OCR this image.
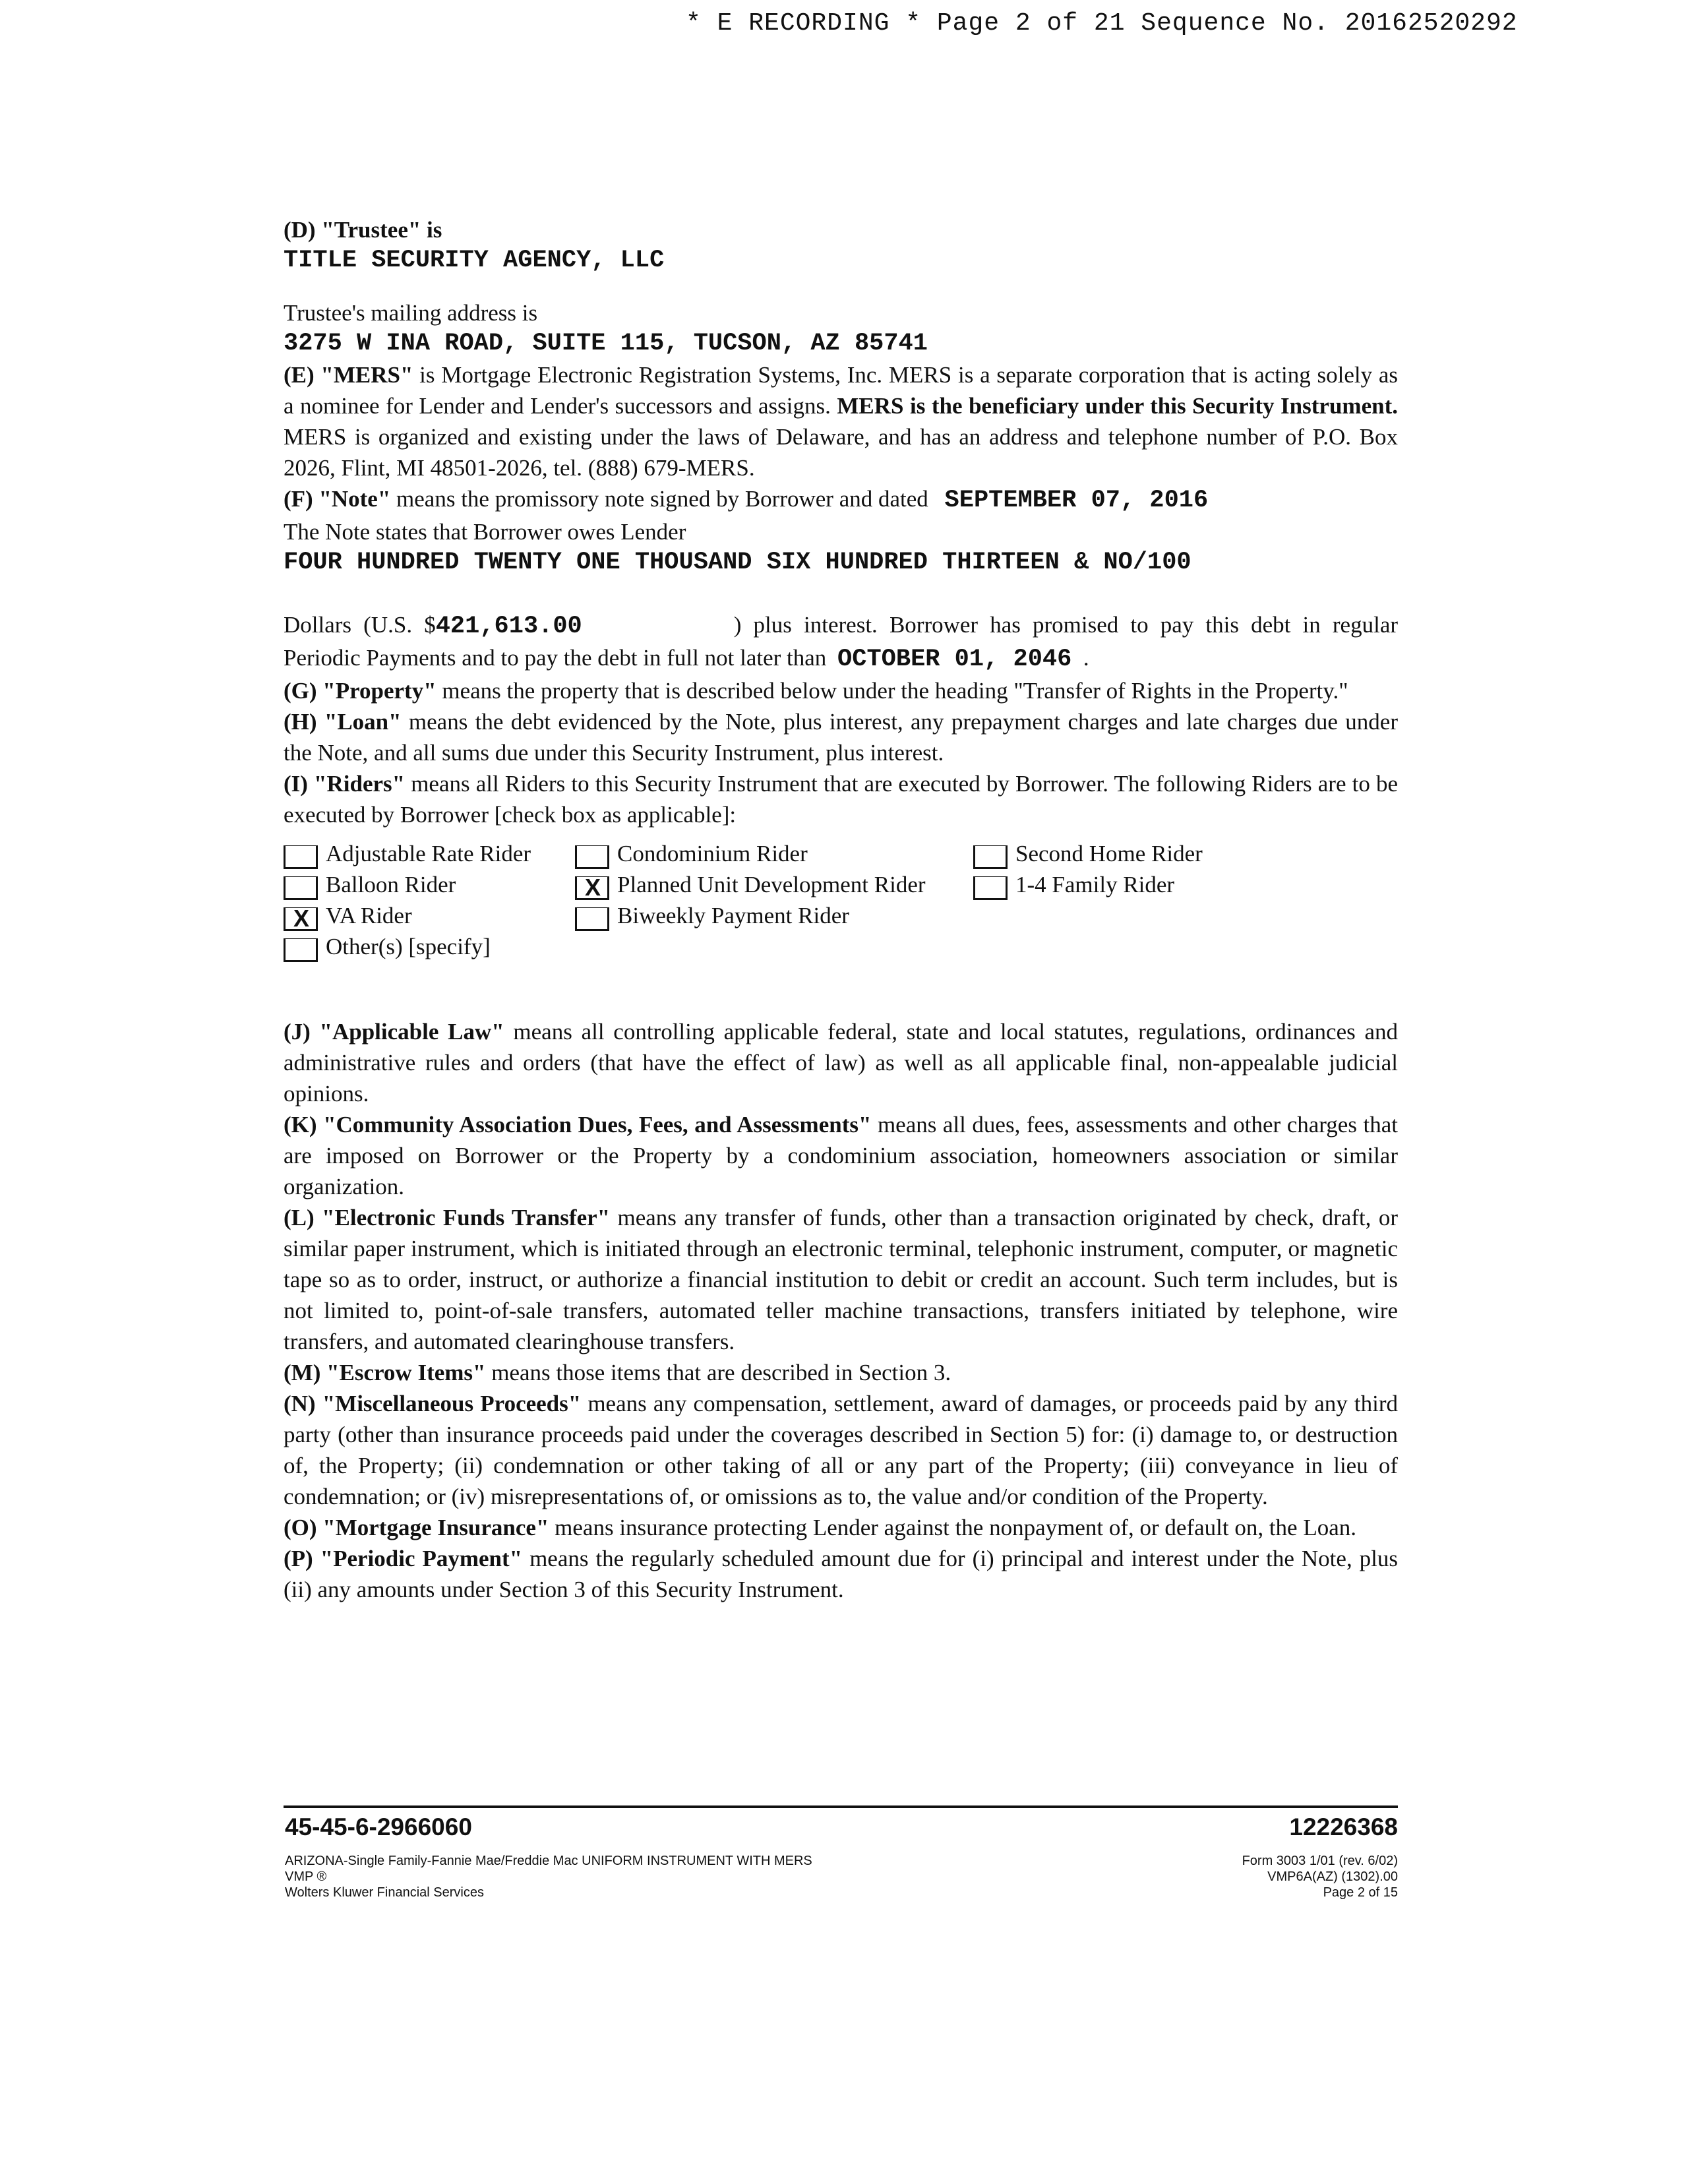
* E RECORDING * Page 2 of 21 Sequence No. 20162520292
(D) "Trustee" is
TITLE SECURITY AGENCY, LLC
Trustee's mailing address is
3275 W INA ROAD, SUITE 115, TUCSON, AZ 85741

(E) "MERS" is Mortgage Electronic Registration Systems, Inc. MERS is a separate corporation that is acting solely as a nominee for Lender and Lender's successors and assigns. MERS is the beneficiary under this Security Instrument. MERS is organized and existing under the laws of Delaware, and has an address and telephone number of P.O. Box 2026, Flint, MI 48501-2026, tel. (888) 679-MERS.

(F) "Note" means the promissory note signed by Borrower and dated SEPTEMBER 07, 2016
The Note states that Borrower owes Lender
FOUR HUNDRED TWENTY ONE THOUSAND SIX HUNDRED THIRTEEN & NO/100

Dollars (U.S. $421,613.00	) plus interest. Borrower has promised to pay this debt in regular Periodic Payments and to pay the debt in full not later than OCTOBER 01, 2046  .

(G) "Property" means the property that is described below under the heading "Transfer of Rights in the Property."

(H) "Loan" means the debt evidenced by the Note, plus interest, any prepayment charges and late charges due under the Note, and all sums due under this Security Instrument, plus interest.

(I) "Riders" means all Riders to this Security Instrument that are executed by Borrower. The following Riders are to be executed by Borrower [check box as applicable]:

Adjustable Rate Rider
Balloon Rider
X VA Rider
Other(s) [specify]
Condominium Rider
X Planned Unit Development Rider
Biweekly Payment Rider
Second Home Rider
1-4 Family Rider

(J) "Applicable Law" means all controlling applicable federal, state and local statutes, regulations, ordinances and administrative rules and orders (that have the effect of law) as well as all applicable final, non-appealable judicial opinions.

(K) "Community Association Dues, Fees, and Assessments" means all dues, fees, assessments and other charges that are imposed on Borrower or the Property by a condominium association, homeowners association or similar organization.

(L) "Electronic Funds Transfer" means any transfer of funds, other than a transaction originated by check, draft, or similar paper instrument, which is initiated through an electronic terminal, telephonic instrument, computer, or magnetic tape so as to order, instruct, or authorize a financial institution to debit or credit an account. Such term includes, but is not limited to, point-of-sale transfers, automated teller machine transactions, transfers initiated by telephone, wire transfers, and automated clearinghouse transfers.

(M) "Escrow Items" means those items that are described in Section 3.

(N) "Miscellaneous Proceeds" means any compensation, settlement, award of damages, or proceeds paid by any third party (other than insurance proceeds paid under the coverages described in Section 5) for: (i) damage to, or destruction of, the Property; (ii) condemnation or other taking of all or any part of the Property; (iii) conveyance in lieu of condemnation; or (iv) misrepresentations of, or omissions as to, the value and/or condition of the Property.

(O) "Mortgage Insurance" means insurance protecting Lender against the nonpayment of, or default on, the Loan.

(P) "Periodic Payment" means the regularly scheduled amount due for (i) principal and interest under the Note, plus (ii) any amounts under Section 3 of this Security Instrument.

45-45-6-2966060	12226368
ARIZONA-Single Family-Fannie Mae/Freddie Mac UNIFORM INSTRUMENT WITH MERS
VMP ®
Wolters Kluwer Financial Services
Form 3003 1/01 (rev. 6/02)
VMP6A(AZ) (1302).00
Page 2 of 15
